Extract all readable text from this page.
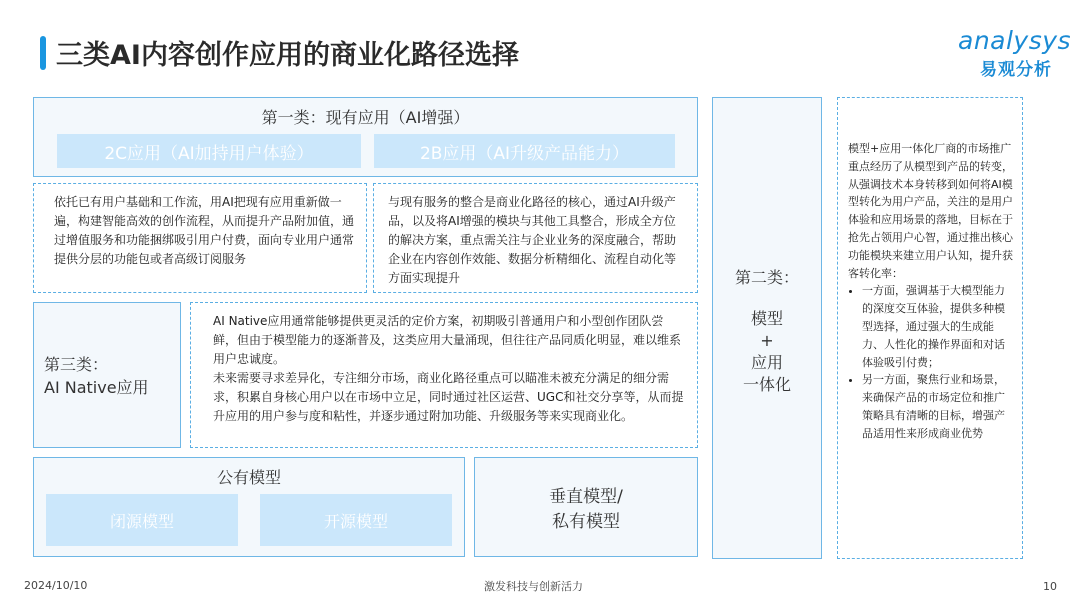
三类AI内容创作应用的商业化路径选择	analysys
易观分析
第一类：现有应用（AI增强）
2C应用（AI加持用户体验）	2B应用（AI升级产品能力）
依托已有用户基础和工作流，用AI把现有应用重新做一遍，构建智能高效的创作流程，从而提升产品附加值，通过增值服务和功能捆绑吸引用户付费，面向专业用户通常提供分层的功能包或者高级订阅服务
与现有服务的整合是商业化路径的核心，通过AI升级产品，以及将AI增强的模块与其他工具整合，形成全方位的解决方案，重点需关注与企业业务的深度融合，帮助企业在内容创作效能、数据分析精细化、流程自动化等方面实现提升
第三类：
AI Native应用
AI Native应用通常能够提供更灵活的定价方案，初期吸引普通用户和小型创作团队尝鲜，但由于模型能力的逐渐普及，这类应用大量涌现，但往往产品同质化明显，难以维系用户忠诚度。
未来需要寻求差异化，专注细分市场，商业化路径重点可以瞄准未被充分满足的细分需求，积累自身核心用户以在市场中立足，同时通过社区运营、UGC和社交分享等，从而提升应用的用户参与度和粘性，并逐步通过附加功能、升级服务等来实现商业化。
公有模型
闭源模型	开源模型
垂直模型/
私有模型
第二类：
模型
+
应用
一体化
模型+应用一体化厂商的市场推广重点经历了从模型到产品的转变，从强调技术本身转移到如何将AI模型转化为用户产品，关注的是用户体验和应用场景的落地，目标在于抢先占领用户心智，通过推出核心功能模块来建立用户认知，提升获客转化率：
• 一方面，强调基于大模型能力的深度交互体验，提供多种模型选择，通过强大的生成能力、人性化的操作界面和对话体验吸引付费；
• 另一方面，聚焦行业和场景，来确保产品的市场定位和推广策略具有清晰的目标，增强产品适用性来形成商业优势
2024/10/10	激发科技与创新活力	10
